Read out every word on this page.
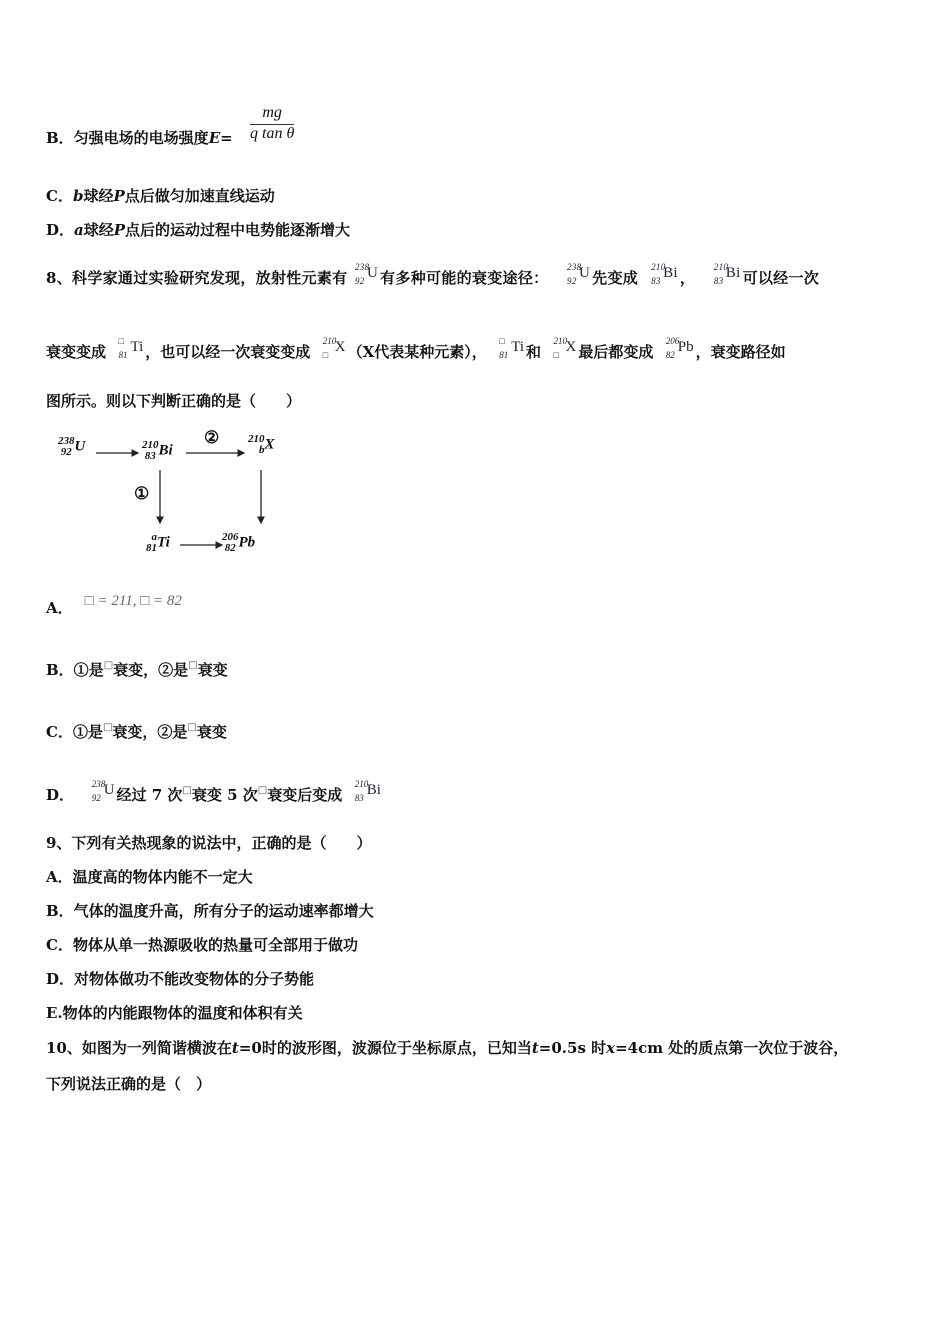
$\frac{mg}{\text{q tan θ}}$
B．匀强电场的电场强度E=
C．b球经P点后做匀加速直线运动
D．a球经P点后的运动过程中电势能逐渐增大
8、科学家通过实验研究发现，放射性元素有
238
92 U 有多种可能的衰变途径：
238
92 U 先变成
210
83 Bi ，
210
83 Bi 可以经一次
衰变变成
□
81 Ti ，也可以经一次衰变变成
210
□ X （X代表某种元素），
□
81 Ti 和
210
□ X 最后都变成
206
82 Pb ，衰变路径如
图所示。则以下判断正确的是（　　）
238
92 U	210
83 Bi
210
bX
a
81Ti	206
82 Pb
①
②
A． □ = 211, □ = 82
B．①是□衰变，②是□衰变
C．①是□衰变，②是□衰变
D．
238
92 U 经过 7 次□衰变 5 次□衰变后变成
210
83 Bi
9、下列有关热现象的说法中，正确的是（　　）
A．温度高的物体内能不一定大
B．气体的温度升高，所有分子的运动速率都增大
C．物体从单一热源吸收的热量可全部用于做功
D．对物体做功不能改变物体的分子势能
E.物体的内能跟物体的温度和体积有关
10、如图为一列简谐横波在t=0时的波形图，波源位于坐标原点，已知当t=0.5s 时x=4cm 处的质点第一次位于波谷，
下列说法正确的是（　）
